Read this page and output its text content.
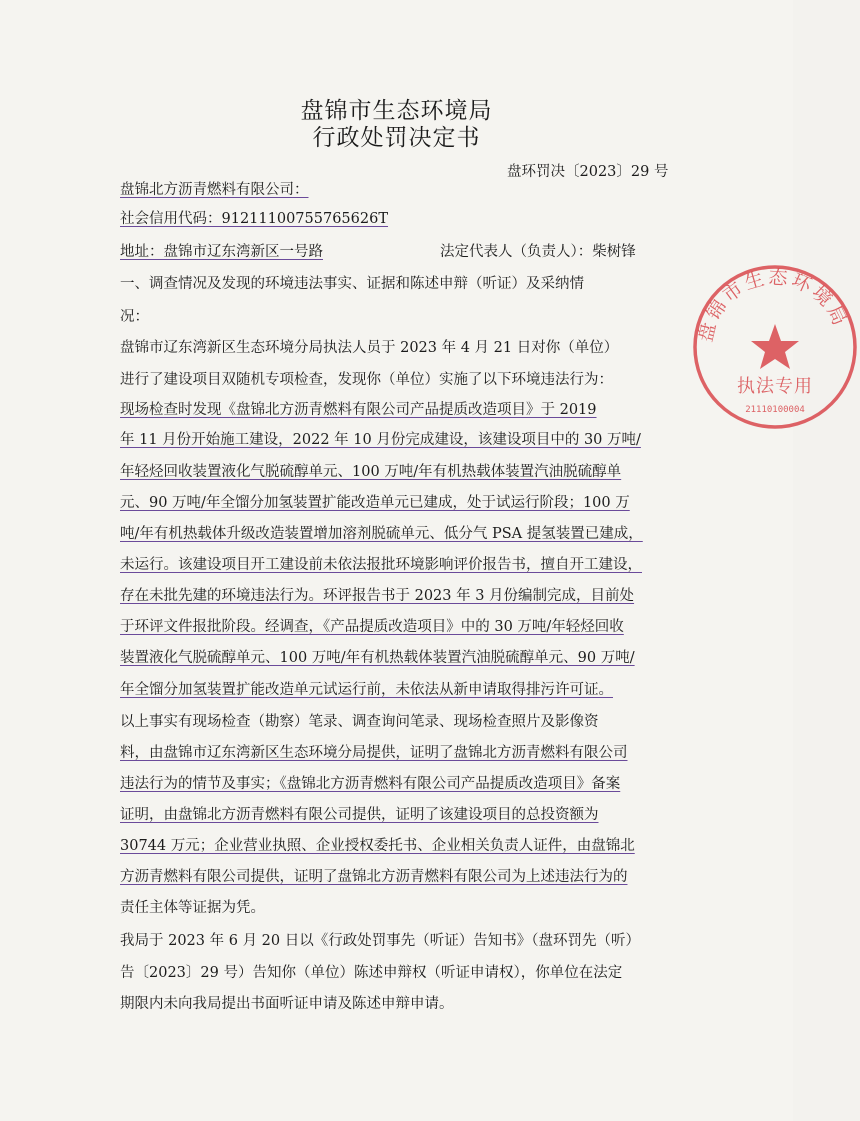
盘锦市生态环境局
行政处罚决定书
盘环罚决〔2023〕29 号
盘锦北方沥青燃料有限公司：
社会信用代码：91211100755765626T
地址：盘锦市辽东湾新区一号路	法定代表人（负责人）：柴树锋
一、调查情况及发现的环境违法事实、证据和陈述申辩（听证）及采纳情
况：
盘锦市辽东湾新区生态环境分局执法人员于 2023 年 4 月 21 日对你（单位）
进行了建设项目双随机专项检查，发现你（单位）实施了以下环境违法行为：
现场检查时发现《盘锦北方沥青燃料有限公司产品提质改造项目》于 2019
年 11 月份开始施工建设，2022 年 10 月份完成建设，该建设项目中的 30 万吨/
年轻烃回收装置液化气脱硫醇单元、100 万吨/年有机热载体装置汽油脱硫醇单
元、90 万吨/年全馏分加氢装置扩能改造单元已建成，处于试运行阶段；100 万
吨/年有机热载体升级改造装置增加溶剂脱硫单元、低分气 PSA 提氢装置已建成，
未运行。该建设项目开工建设前未依法报批环境影响评价报告书，擅自开工建设，
存在未批先建的环境违法行为。环评报告书于 2023 年 3 月份编制完成，目前处
于环评文件报批阶段。经调查，《产品提质改造项目》中的 30 万吨/年轻烃回收
装置液化气脱硫醇单元、100 万吨/年有机热载体装置汽油脱硫醇单元、90 万吨/
年全馏分加氢装置扩能改造单元试运行前，未依法从新申请取得排污许可证。
以上事实有现场检查（勘察）笔录、调查询问笔录、现场检查照片及影像资
料，由盘锦市辽东湾新区生态环境分局提供，证明了盘锦北方沥青燃料有限公司
违法行为的情节及事实；《盘锦北方沥青燃料有限公司产品提质改造项目》备案
证明，由盘锦北方沥青燃料有限公司提供，证明了该建设项目的总投资额为
30744 万元；企业营业执照、企业授权委托书、企业相关负责人证件，由盘锦北
方沥青燃料有限公司提供，证明了盘锦北方沥青燃料有限公司为上述违法行为的
责任主体等证据为凭。
我局于 2023 年 6 月 20 日以《行政处罚事先（听证）告知书》（盘环罚先（听）
告〔2023〕29 号）告知你（单位）陈述申辩权（听证申请权），你单位在法定
期限内未向我局提出书面听证申请及陈述申辩申请。
盘锦市生态环境局
执法专用
21110100004
